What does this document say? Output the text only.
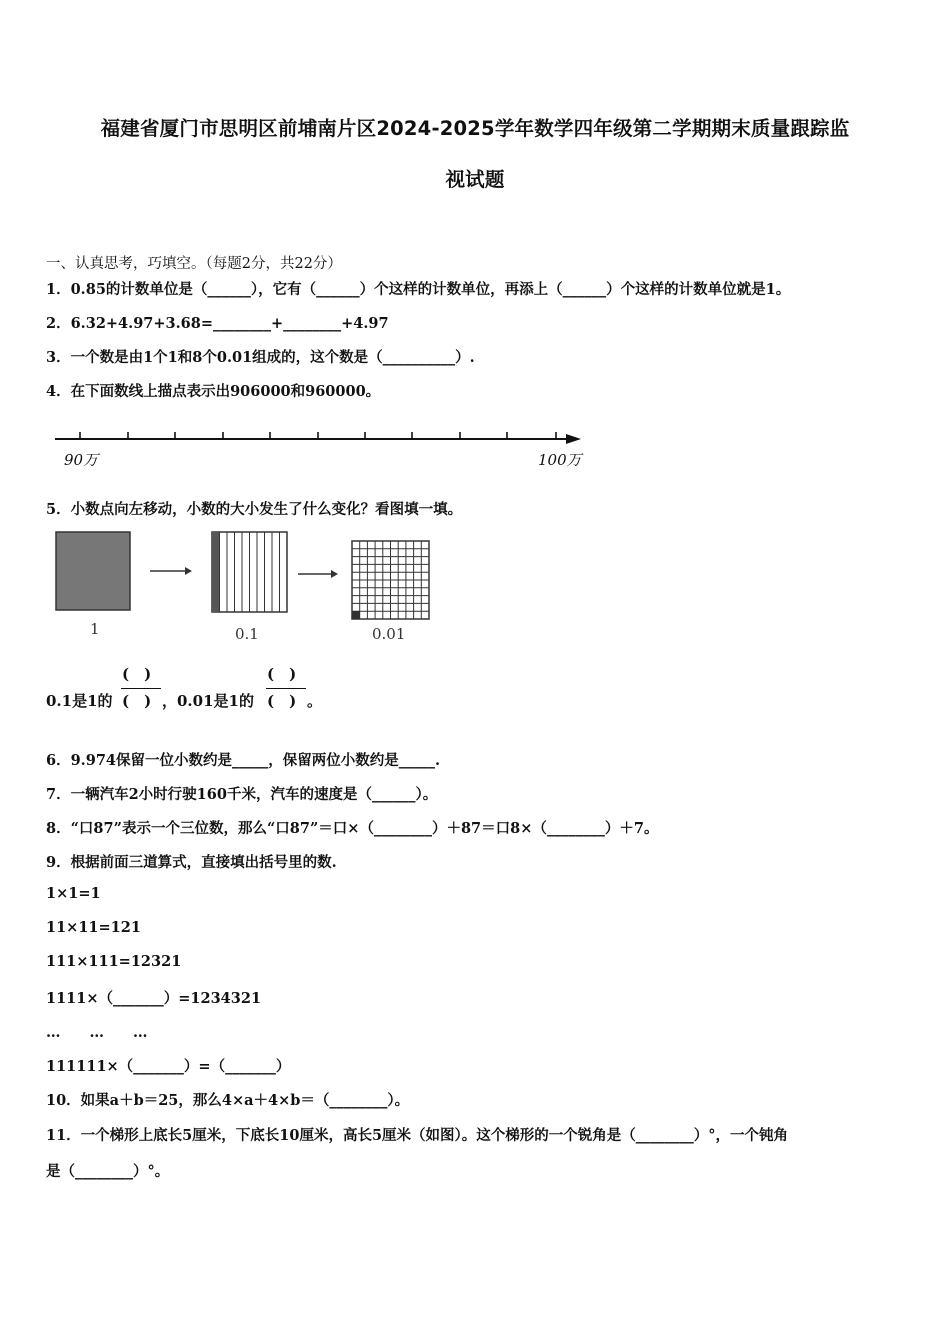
福建省厦门市思明区前埔南片区2024-2025学年数学四年级第二学期期末质量跟踪监
视试题
一、认真思考，巧填空。（每题2分，共22分）
1．0.85的计数单位是（______），它有（______）个这样的计数单位，再添上（______）个这样的计数单位就是1。
2．6.32+4.97+3.68=________+________+4.97
3．一个数是由1个1和8个0.01组成的，这个数是（__________）.
4．在下面数线上描点表示出906000和960000。
90万	100万
5．小数点向左移动，小数的大小发生了什么变化？看图填一填。
1	0.1	0.01
0.1是1的
(　)
(　) ，0.01是1的
(　)
(　) 。
6．9.974保留一位小数约是_____，保留两位小数约是_____.
7．一辆汽车2小时行驶160千米，汽车的速度是（______）。
8．“口87”表示一个三位数，那么“口87”＝口×（________）＋87＝口8×（________）＋7。
9．根据前面三道算式，直接填出括号里的数.
1×1=1
11×11=121
111×111=12321
1111×（_______）=1234321
…　　…　　…
111111×（_______）=（_______）
10．如果a＋b＝25，那么4×a＋4×b＝（________）。
11．一个梯形上底长5厘米，下底长10厘米，高长5厘米（如图）。这个梯形的一个锐角是（________）°，一个钝角
是（________）°。
